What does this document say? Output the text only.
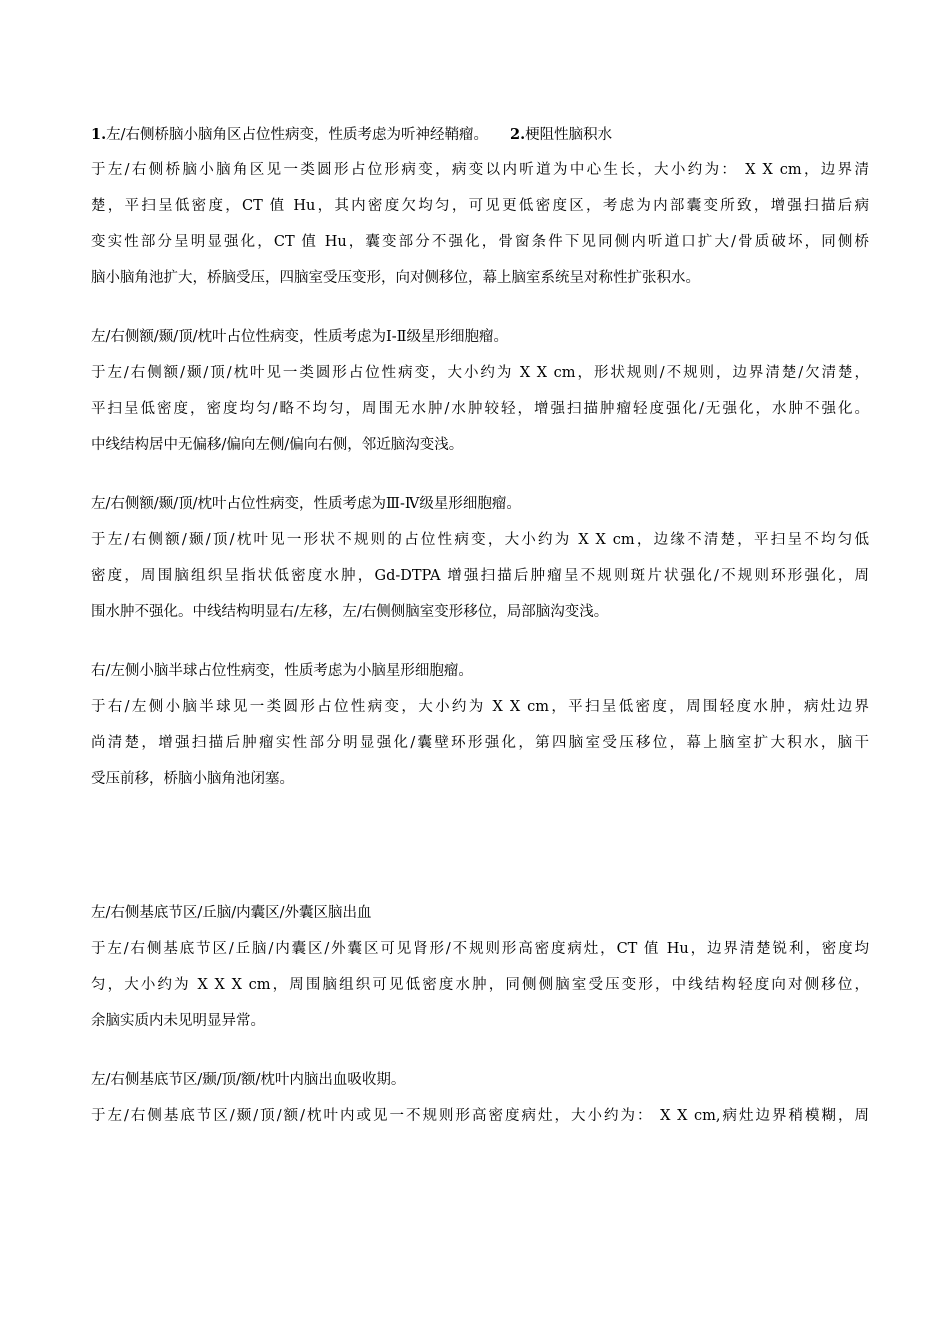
1.左/右侧桥脑小脑角区占位性病变，性质考虑为听神经鞘瘤。 2.梗阻性脑积水
于左/右侧桥脑小脑角区见一类圆形占位形病变，病变以内听道为中心生长，大小约为： X X cm，边界清
楚，平扫呈低密度，CT 值 Hu，其内密度欠均匀，可见更低密度区，考虑为内部囊变所致，增强扫描后病
变实性部分呈明显强化，CT 值 Hu，囊变部分不强化，骨窗条件下见同侧内听道口扩大/骨质破坏，同侧桥
脑小脑角池扩大，桥脑受压，四脑室受压变形，向对侧移位，幕上脑室系统呈对称性扩张积水。
左/右侧额/颞/顶/枕叶占位性病变，性质考虑为Ⅰ-Ⅱ级星形细胞瘤。
于左/右侧额/颞/顶/枕叶见一类圆形占位性病变，大小约为 X X cm，形状规则/不规则，边界清楚/欠清楚，
平扫呈低密度，密度均匀/略不均匀，周围无水肿/水肿较轻，增强扫描肿瘤轻度强化/无强化，水肿不强化。
中线结构居中无偏移/偏向左侧/偏向右侧，邻近脑沟变浅。
左/右侧额/颞/顶/枕叶占位性病变，性质考虑为Ⅲ-Ⅳ级星形细胞瘤。
于左/右侧额/颞/顶/枕叶见一形状不规则的占位性病变，大小约为 X X cm，边缘不清楚，平扫呈不均匀低
密度，周围脑组织呈指状低密度水肿，Gd-DTPA 增强扫描后肿瘤呈不规则斑片状强化/不规则环形强化，周
围水肿不强化。中线结构明显右/左移，左/右侧侧脑室变形移位，局部脑沟变浅。
右/左侧小脑半球占位性病变，性质考虑为小脑星形细胞瘤。
于右/左侧小脑半球见一类圆形占位性病变，大小约为 X X cm，平扫呈低密度，周围轻度水肿，病灶边界
尚清楚，增强扫描后肿瘤实性部分明显强化/囊壁环形强化，第四脑室受压移位，幕上脑室扩大积水，脑干
受压前移，桥脑小脑角池闭塞。
左/右侧基底节区/丘脑/内囊区/外囊区脑出血
于左/右侧基底节区/丘脑/内囊区/外囊区可见肾形/不规则形高密度病灶，CT 值 Hu，边界清楚锐利，密度均
匀，大小约为 X X X cm，周围脑组织可见低密度水肿，同侧侧脑室受压变形，中线结构轻度向对侧移位，
余脑实质内未见明显异常。
左/右侧基底节区/颞/顶/额/枕叶内脑出血吸收期。
于左/右侧基底节区/颞/顶/额/枕叶内或见一不规则形高密度病灶，大小约为： X X cm,病灶边界稍模糊，周
